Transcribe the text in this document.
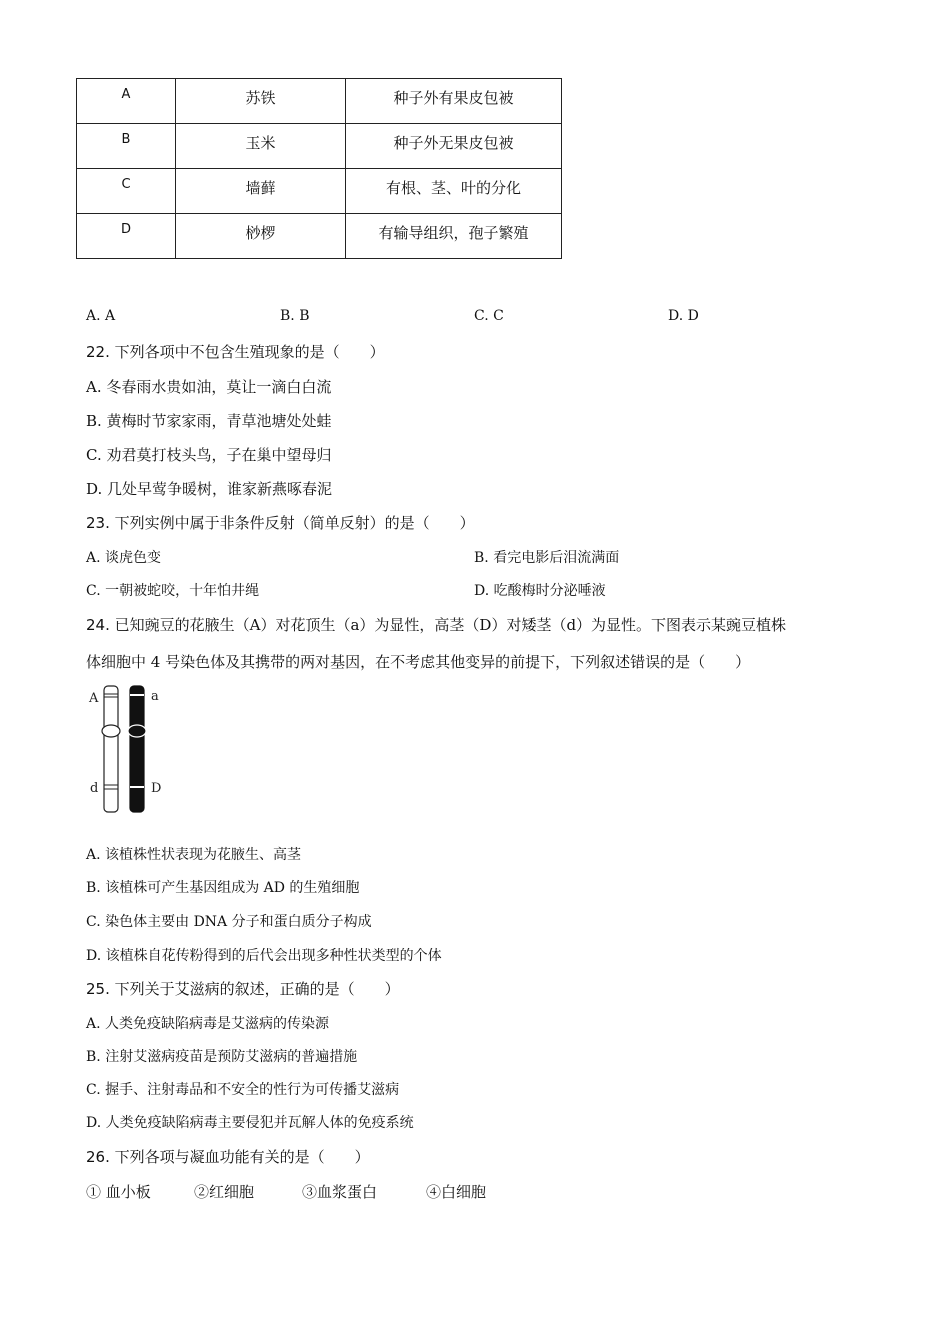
A	苏铁	种子外有果皮包被
B	玉米	种子外无果皮包被
C	墙藓	有根、茎、叶的分化
D	桫椤	有输导组织，孢子繁殖
A. A	B. B	C. C	D. D
22. 下列各项中不包含生殖现象的是（　　）
A. 冬春雨水贵如油，莫让一滴白白流
B. 黄梅时节家家雨，青草池塘处处蛙
C. 劝君莫打枝头鸟，子在巢中望母归
D. 几处早莺争暖树，谁家新燕啄春泥
23. 下列实例中属于非条件反射（简单反射）的是（　　）
A. 谈虎色变	B. 看完电影后泪流满面
C. 一朝被蛇咬，十年怕井绳	D. 吃酸梅时分泌唾液
24. 已知豌豆的花腋生（A）对花顶生（a）为显性，高茎（D）对矮茎（d）为显性。下图表示某豌豆植株
体细胞中 4 号染色体及其携带的两对基因，在不考虑其他变异的前提下，下列叙述错误的是（　　）
A	a
d	D
A. 该植株性状表现为花腋生、高茎
B. 该植株可产生基因组成为 AD 的生殖细胞
C. 染色体主要由 DNA 分子和蛋白质分子构成
D. 该植株自花传粉得到的后代会出现多种性状类型的个体
25. 下列关于艾滋病的叙述，正确的是（　　）
A. 人类免疫缺陷病毒是艾滋病的传染源
B. 注射艾滋病疫苗是预防艾滋病的普遍措施
C. 握手、注射毒品和不安全的性行为可传播艾滋病
D. 人类免疫缺陷病毒主要侵犯并瓦解人体的免疫系统
26. 下列各项与凝血功能有关的是（　　）
① 血小板	②红细胞	③血浆蛋白	④白细胞
